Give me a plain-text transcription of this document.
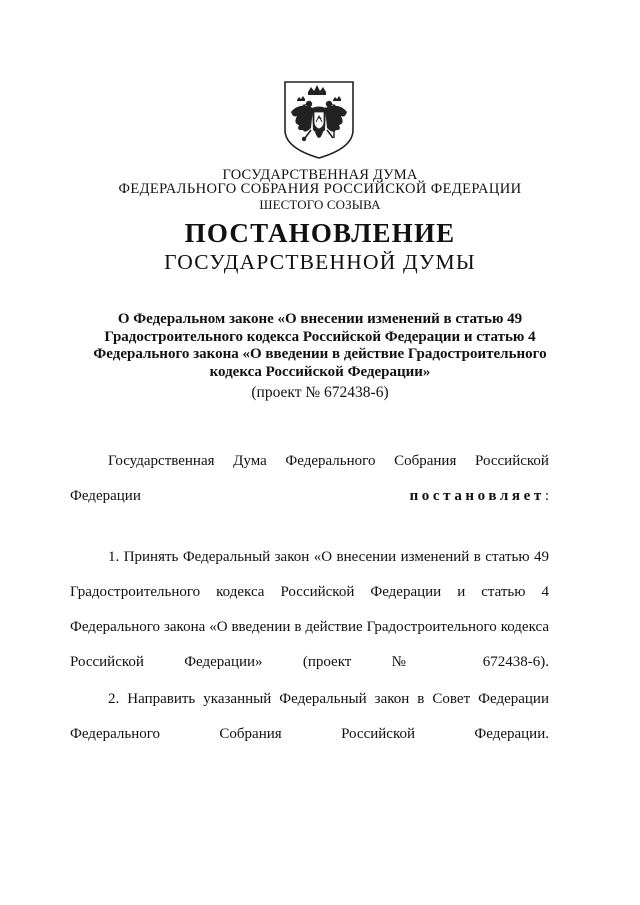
ГОСУДАРСТВЕННАЯ ДУМА
ФЕДЕРАЛЬНОГО СОБРАНИЯ РОССИЙСКОЙ ФЕДЕРАЦИИ
ШЕСТОГО СОЗЫВА
ПОСТАНОВЛЕНИЕ
ГОСУДАРСТВЕННОЙ ДУМЫ
О Федеральном законе «О внесении изменений в статью 49
Градостроительного кодекса Российской Федерации и статью 4
Федерального закона «О введении в действие Градостроительного
кодекса Российской Федерации»
(проект № 672438-6)
Государственная Дума Федерального Собрания Российской
Федерации	постановляет:
1. Принять Федеральный закон «О внесении изменений в статью 49
Градостроительного кодекса Российской Федерации и статью 4
Федерального закона «О введении в действие Градостроительного кодекса
Российской Федерации» (проект № 672438-6).
2. Направить указанный Федеральный закон в Совет Федерации
Федерального Собрания Российской Федерации.
